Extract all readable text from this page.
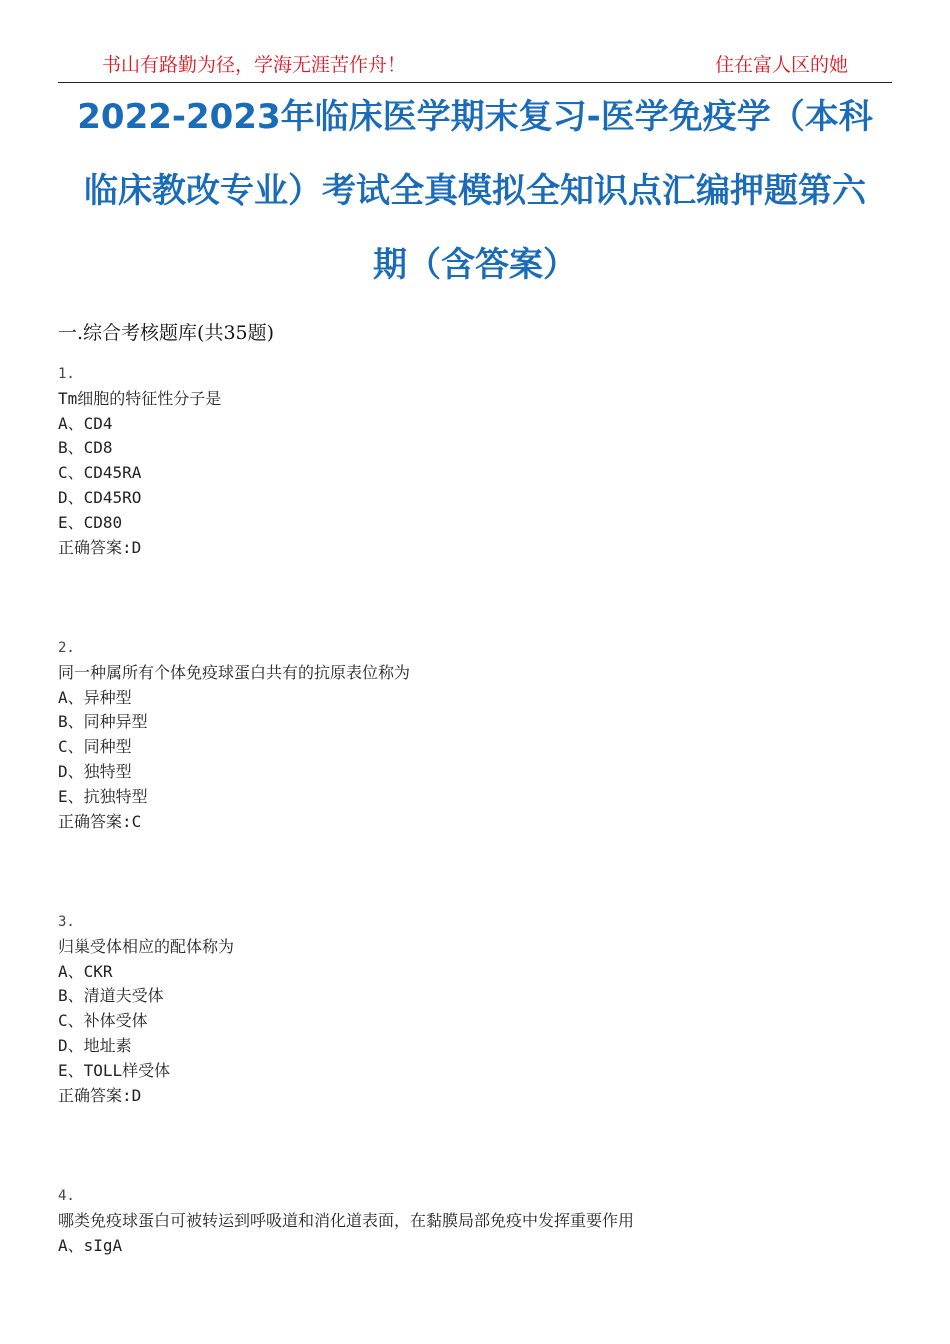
书山有路勤为径，学海无涯苦作舟！	住在富人区的她
2022-2023年临床医学期末复习-医学免疫学（本科
临床教改专业）考试全真模拟全知识点汇编押题第六
期（含答案）
一.综合考核题库(共35题)
1.
Tm细胞的特征性分子是
A、CD4
B、CD8
C、CD45RA
D、CD45RO
E、CD80
正确答案:D
2.
同一种属所有个体免疫球蛋白共有的抗原表位称为
A、异种型
B、同种异型
C、同种型
D、独特型
E、抗独特型
正确答案:C
3.
归巢受体相应的配体称为
A、CKR
B、清道夫受体
C、补体受体
D、地址素
E、TOLL样受体
正确答案:D
4.
哪类免疫球蛋白可被转运到呼吸道和消化道表面，在黏膜局部免疫中发挥重要作用
A、sIgA
